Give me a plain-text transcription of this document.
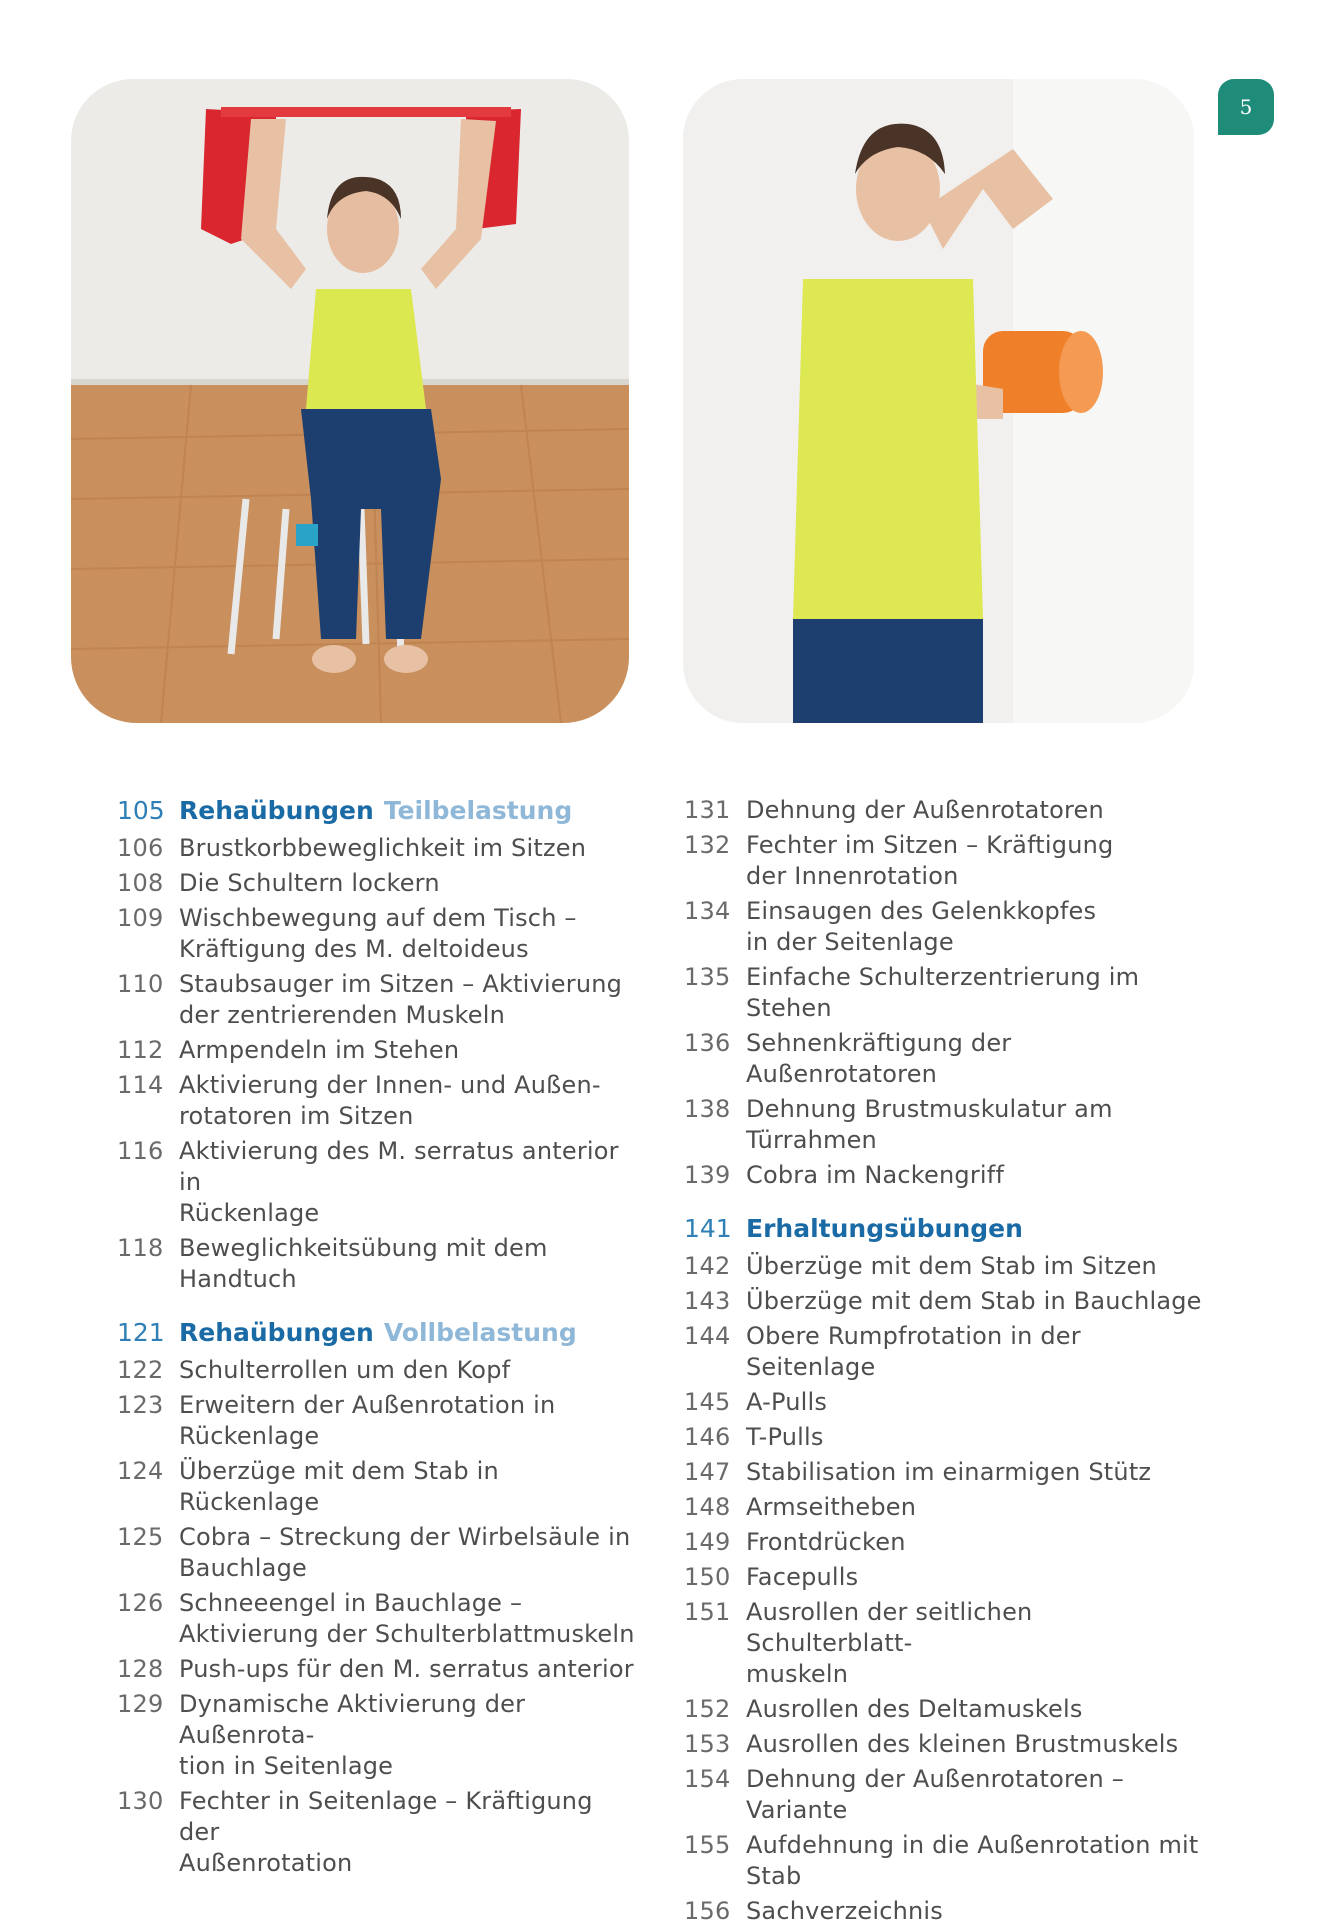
5
105 Rehaübungen Teilbelastung
106 Brustkorbbeweglichkeit im Sitzen
108 Die Schultern lockern
109 Wischbewegung auf dem Tisch –
Kräftigung des M. deltoideus
110 Staubsauger im Sitzen – Aktivierung
der zentrierenden Muskeln
112 Armpendeln im Stehen
114 Aktivierung der Innen- und Außen-
rotatoren im Sitzen
116 Aktivierung des M. serratus anterior in
Rückenlage
118 Beweglichkeitsübung mit dem Handtuch
121 Rehaübungen Vollbelastung
122 Schulterrollen um den Kopf
123 Erweitern der Außenrotation in
Rückenlage
124 Überzüge mit dem Stab in Rückenlage
125 Cobra – Streckung der Wirbelsäule in
Bauchlage
126 Schneeengel in Bauchlage –
Aktivierung der Schulterblattmuskeln
128 Push-ups für den M. serratus anterior
129 Dynamische Aktivierung der Außenrota-
tion in Seitenlage
130 Fechter in Seitenlage – Kräftigung der
Außenrotation
131 Dehnung der Außenrotatoren
132 Fechter im Sitzen – Kräftigung
der Innenrotation
134 Einsaugen des Gelenkkopfes
in der Seitenlage
135 Einfache Schulterzentrierung im Stehen
136 Sehnenkräftigung der Außenrotatoren
138 Dehnung Brustmuskulatur am
Türrahmen
139 Cobra im Nackengriff
141 Erhaltungsübungen
142 Überzüge mit dem Stab im Sitzen
143 Überzüge mit dem Stab in Bauchlage
144 Obere Rumpfrotation in der Seitenlage
145 A-Pulls
146 T-Pulls
147 Stabilisation im einarmigen Stütz
148 Armseitheben
149 Frontdrücken
150 Facepulls
151 Ausrollen der seitlichen Schulterblatt-
muskeln
152 Ausrollen des Deltamuskels
153 Ausrollen des kleinen Brustmuskels
154 Dehnung der Außenrotatoren – Variante
155 Aufdehnung in die Außenrotation mit
Stab
156 Sachverzeichnis
